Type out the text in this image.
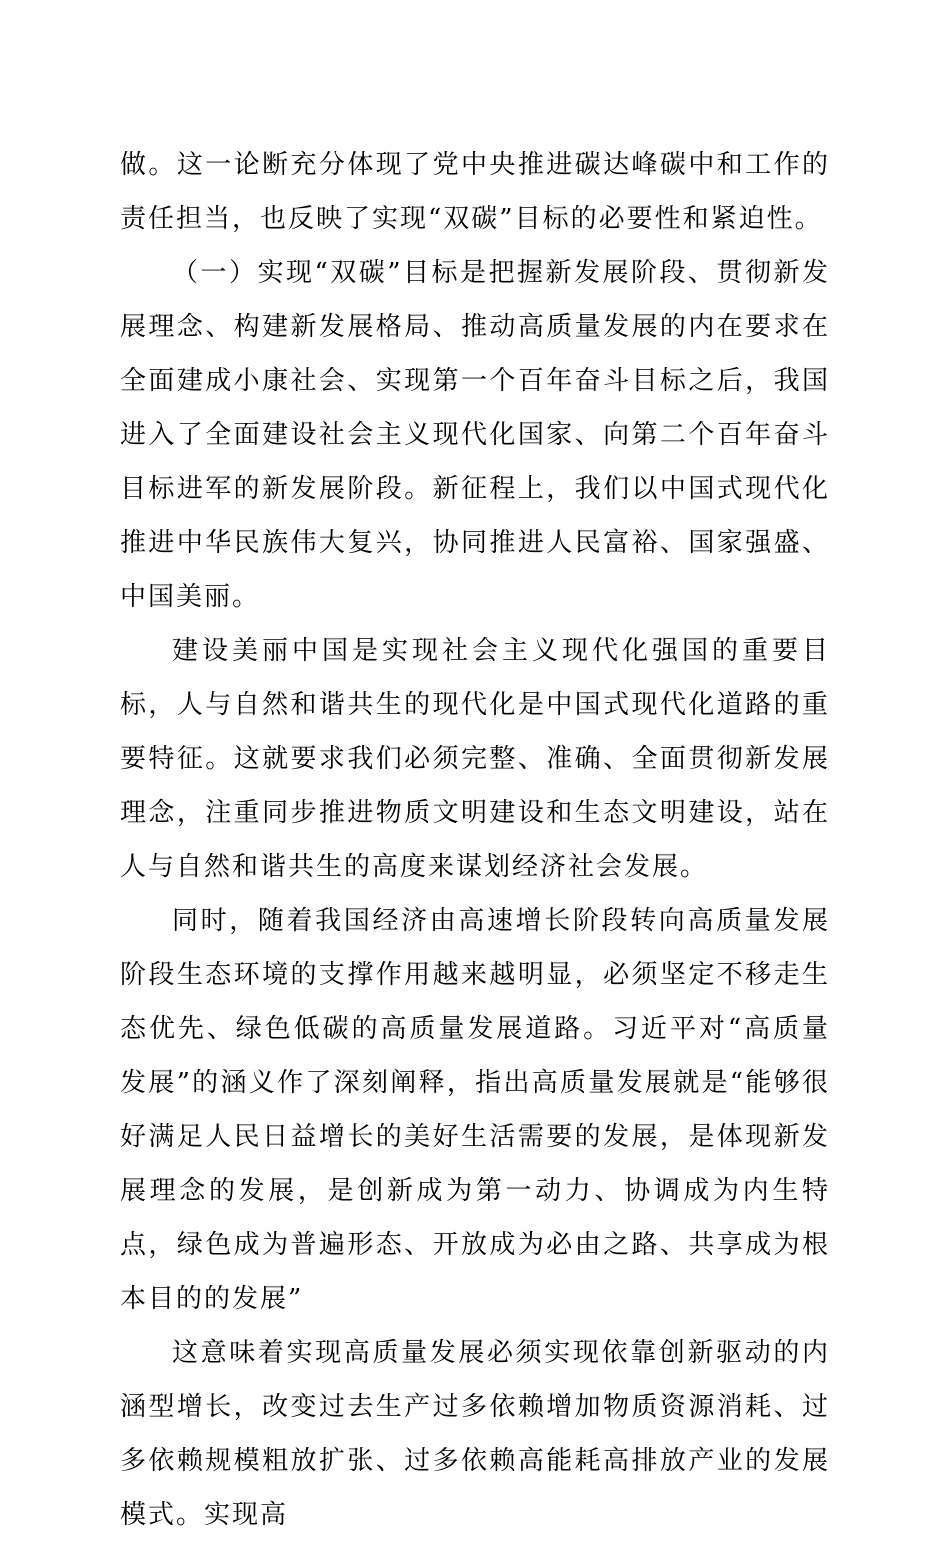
做。这一论断充分体现了党中央推进碳达峰碳中和工作的责任担当，也反映了实现“双碳”目标的必要性和紧迫性。

（一）实现“双碳”目标是把握新发展阶段、贯彻新发展理念、构建新发展格局、推动高质量发展的内在要求在全面建成小康社会、实现第一个百年奋斗目标之后，我国进入了全面建设社会主义现代化国家、向第二个百年奋斗目标进军的新发展阶段。新征程上，我们以中国式现代化推进中华民族伟大复兴，协同推进人民富裕、国家强盛、中国美丽。

建设美丽中国是实现社会主义现代化强国的重要目标，人与自然和谐共生的现代化是中国式现代化道路的重要特征。这就要求我们必须完整、准确、全面贯彻新发展理念，注重同步推进物质文明建设和生态文明建设，站在人与自然和谐共生的高度来谋划经济社会发展。

同时，随着我国经济由高速增长阶段转向高质量发展阶段生态环境的支撑作用越来越明显，必须坚定不移走生态优先、绿色低碳的高质量发展道路。习近平对“高质量发展”的涵义作了深刻阐释，指出高质量发展就是“能够很好满足人民日益增长的美好生活需要的发展，是体现新发展理念的发展，是创新成为第一动力、协调成为内生特点，绿色成为普遍形态、开放成为必由之路、共享成为根本目的的发展”

这意味着实现高质量发展必须实现依靠创新驱动的内涵型增长，改变过去生产过多依赖增加物质资源消耗、过多依赖规模粗放扩张、过多依赖高能耗高排放产业的发展模式。实现高
